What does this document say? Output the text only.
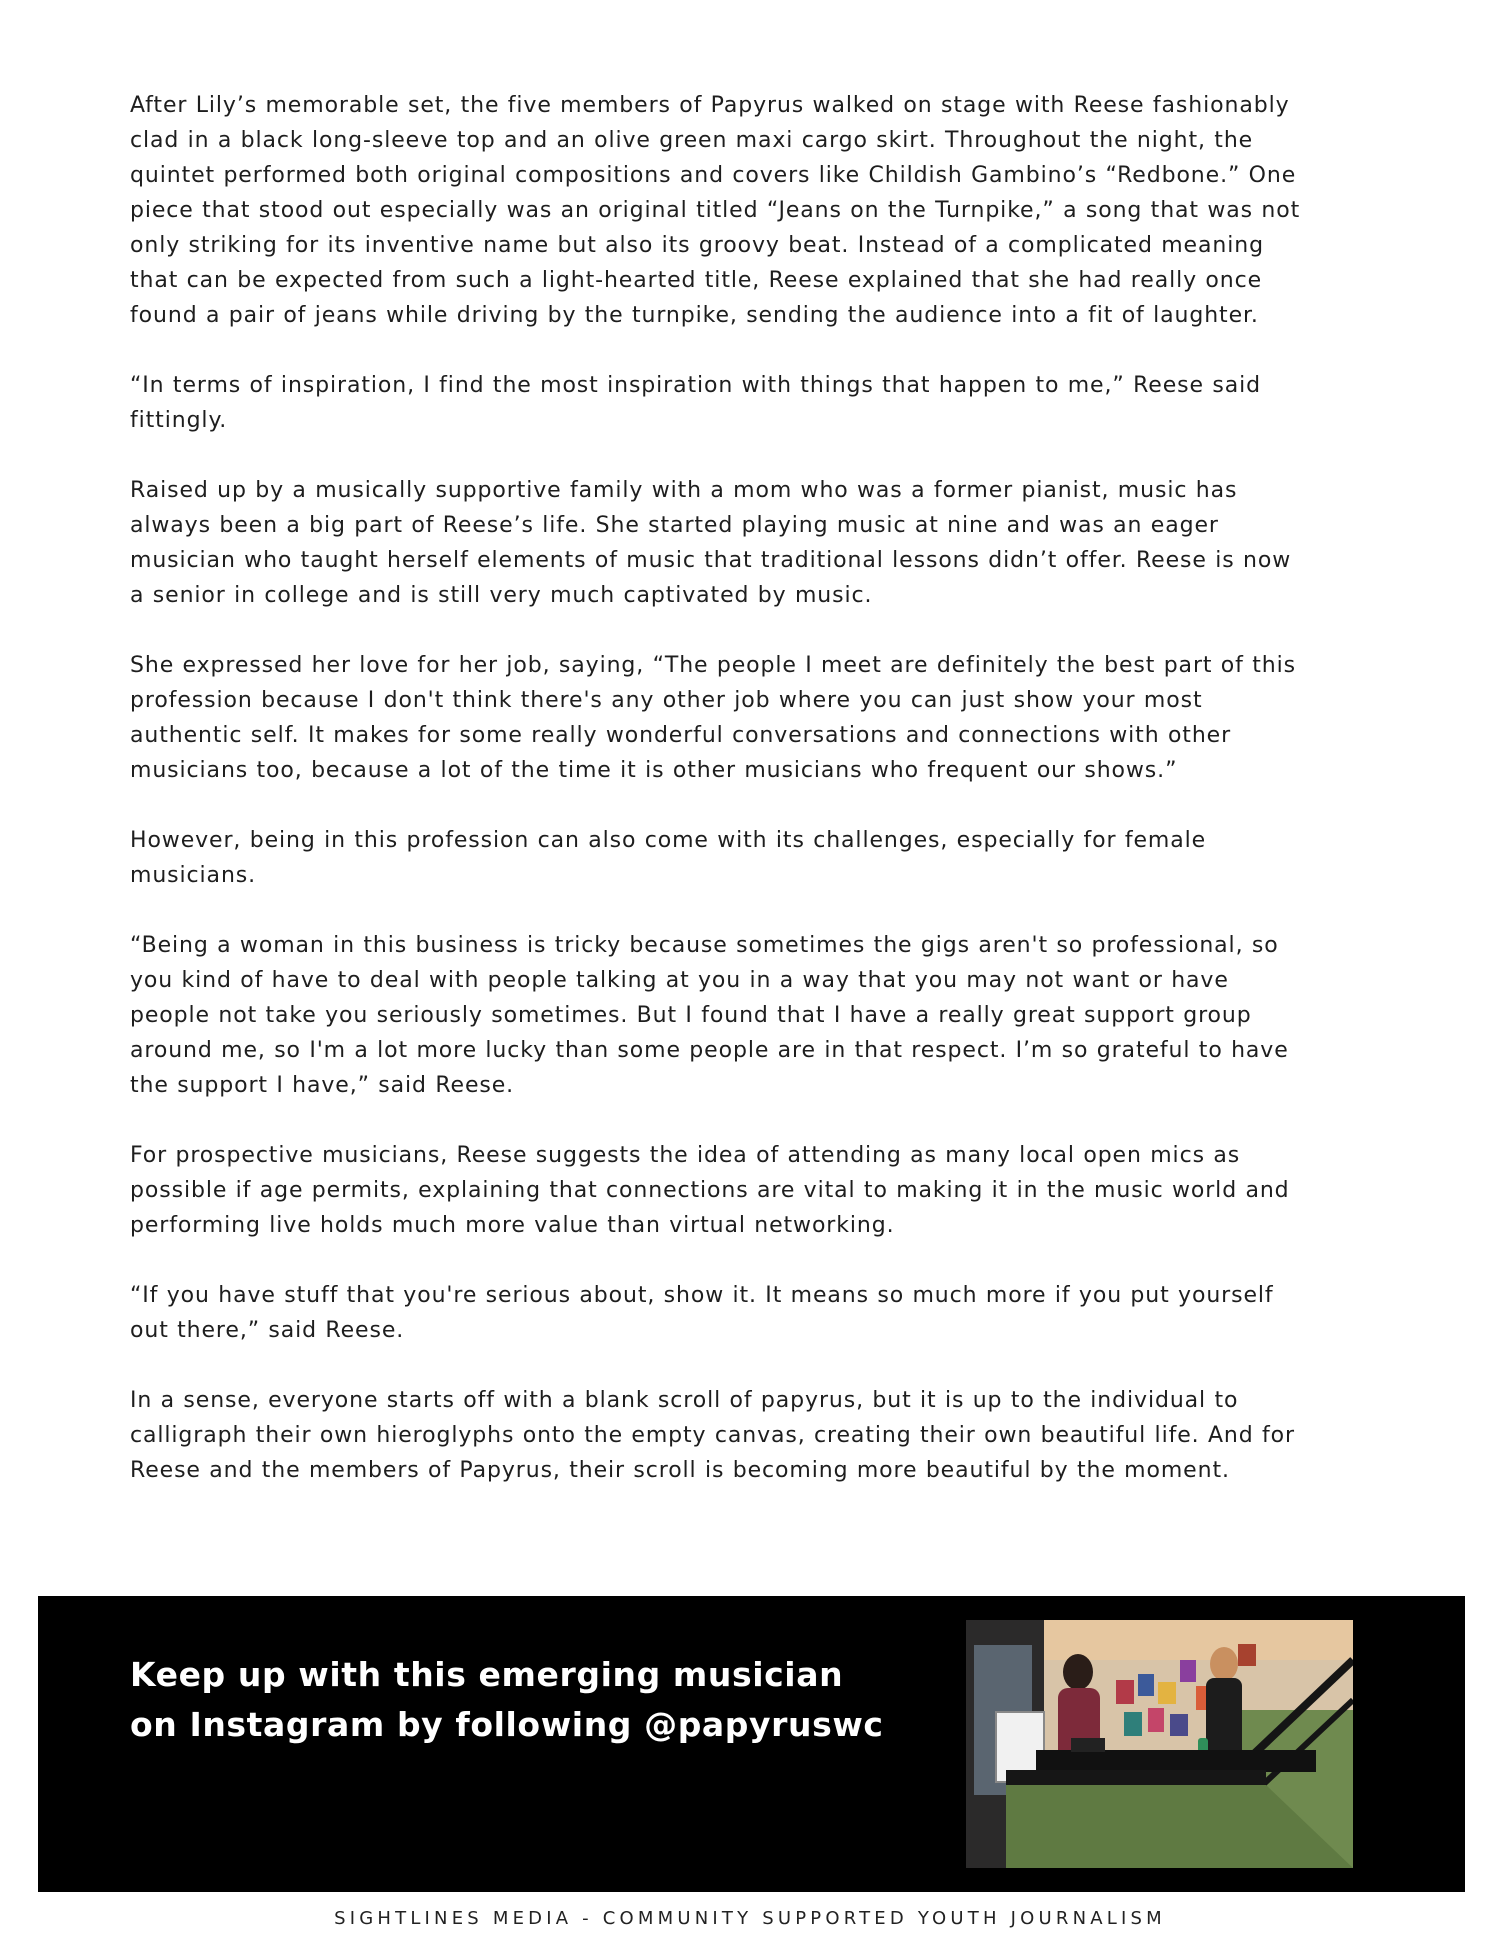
After Lily’s memorable set, the five members of Papyrus walked on stage with Reese fashionably clad in a black long-sleeve top and an olive green maxi cargo skirt. Throughout the night, the quintet performed both original compositions and covers like Childish Gambino’s “Redbone.” One piece that stood out especially was an original titled “Jeans on the Turnpike,” a song that was not only striking for its inventive name but also its groovy beat. Instead of a complicated meaning that can be expected from such a light-hearted title, Reese explained that she had really once found a pair of jeans while driving by the turnpike, sending the audience into a fit of laughter.

“In terms of inspiration, I find the most inspiration with things that happen to me,” Reese said fittingly.

Raised up by a musically supportive family with a mom who was a former pianist, music has always been a big part of Reese’s life. She started playing music at nine and was an eager musician who taught herself elements of music that traditional lessons didn’t offer. Reese is now a senior in college and is still very much captivated by music.

She expressed her love for her job, saying, “The people I meet are definitely the best part of this profession because I don't think there's any other job where you can just show your most authentic self. It makes for some really wonderful conversations and connections with other musicians too, because a lot of the time it is other musicians who frequent our shows.”

However, being in this profession can also come with its challenges, especially for female musicians.

“Being a woman in this business is tricky because sometimes the gigs aren't so professional, so you kind of have to deal with people talking at you in a way that you may not want or have people not take you seriously sometimes. But I found that I have a really great support group around me, so I'm a lot more lucky than some people are in that respect. I’m so grateful to have the support I have,” said Reese.

For prospective musicians, Reese suggests the idea of attending as many local open mics as possible if age permits, explaining that connections are vital to making it in the music world and performing live holds much more value than virtual networking.

“If you have stuff that you're serious about, show it. It means so much more if you put yourself out there,” said Reese.

In a sense, everyone starts off with a blank scroll of papyrus, but it is up to the individual to calligraph their own hieroglyphs onto the empty canvas, creating their own beautiful life. And for Reese and the members of Papyrus, their scroll is becoming more beautiful by the moment.

Keep up with this emerging musician on Instagram by following @papyruswc

SIGHTLINES MEDIA - COMMUNITY SUPPORTED YOUTH JOURNALISM
